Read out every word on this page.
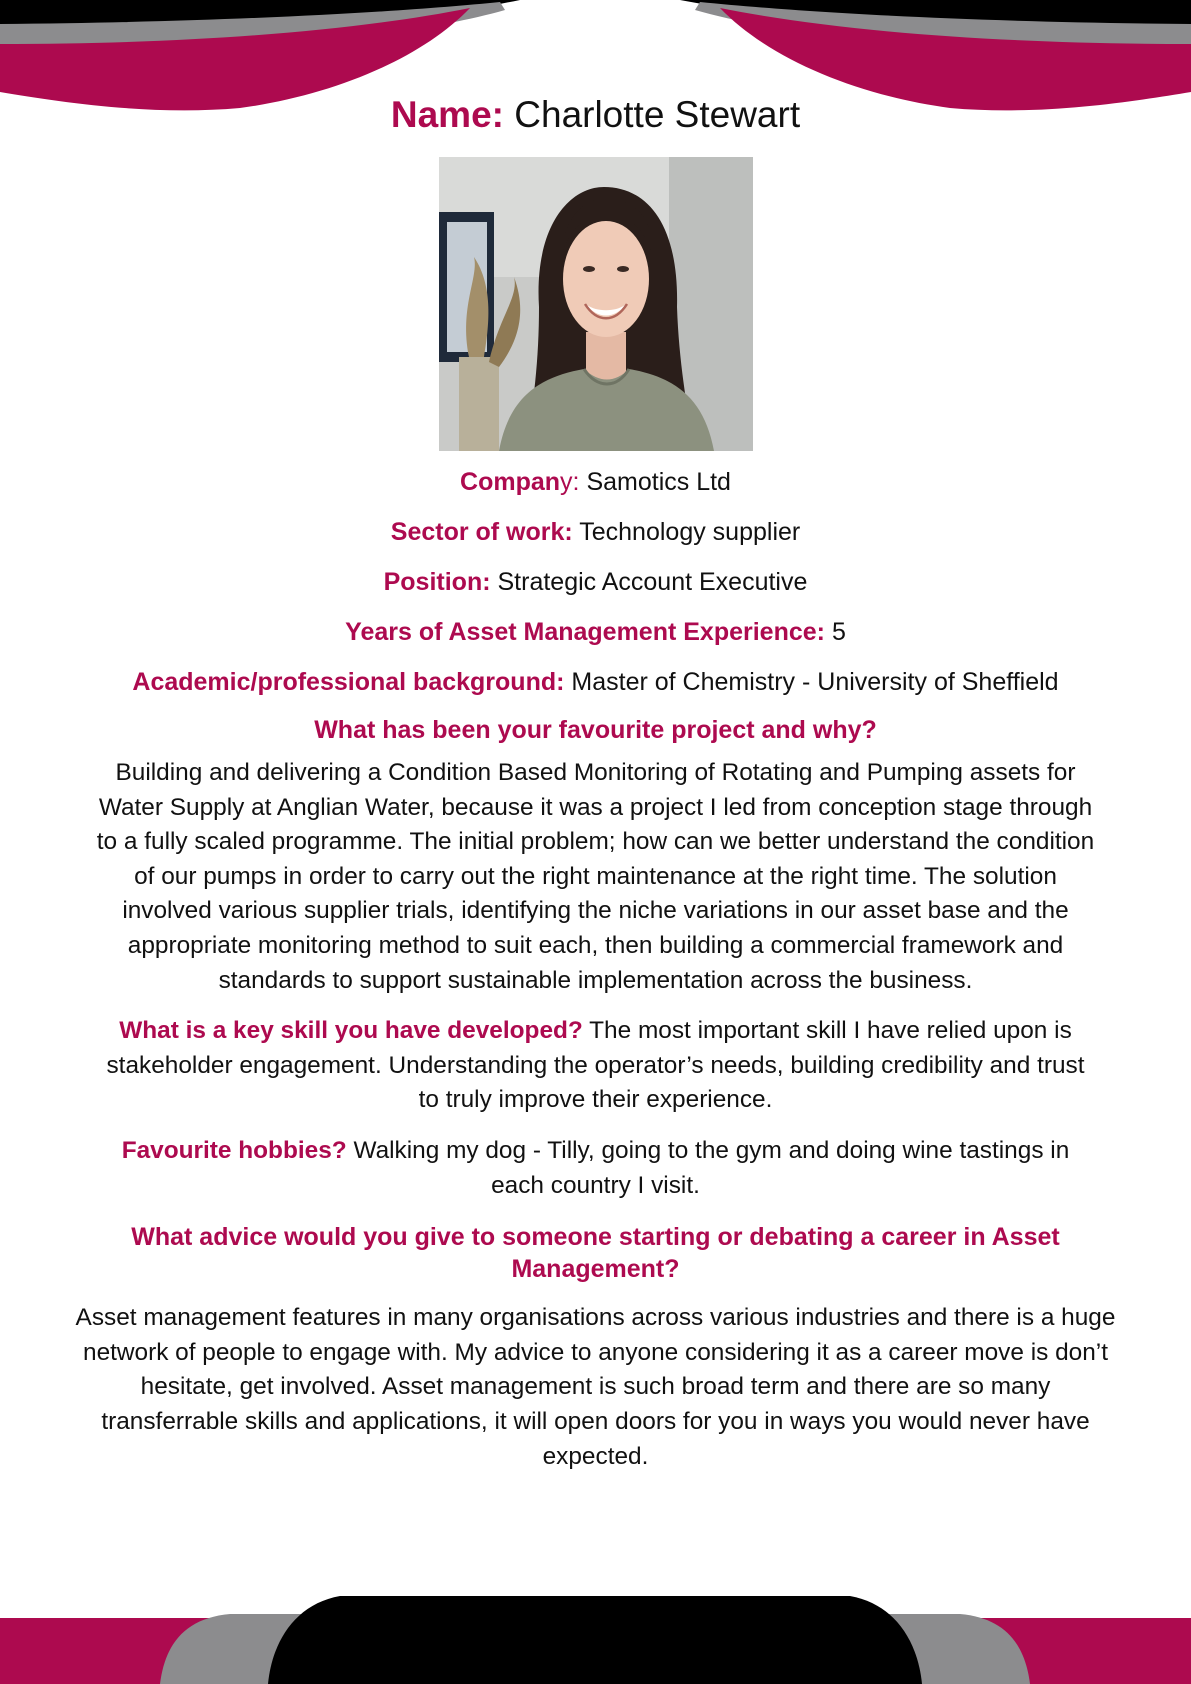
Name: Charlotte Stewart

Company: Samotics Ltd

Sector of work: Technology supplier

Position: Strategic Account Executive

Years of Asset Management Experience: 5

Academic/professional background: Master of Chemistry - University of Sheffield

What has been your favourite project and why?

Building and delivering a Condition Based Monitoring of Rotating and Pumping assets for Water Supply at Anglian Water, because it was a project I led from conception stage through to a fully scaled programme. The initial problem; how can we better understand the condition of our pumps in order to carry out the right maintenance at the right time. The solution involved various supplier trials, identifying the niche variations in our asset base and the appropriate monitoring method to suit each, then building a commercial framework and standards to support sustainable implementation across the business.

What is a key skill you have developed? The most important skill I have relied upon is stakeholder engagement. Understanding the operator’s needs, building credibility and trust to truly improve their experience.

Favourite hobbies? Walking my dog - Tilly, going to the gym and doing wine tastings in each country I visit.

What advice would you give to someone starting or debating a career in Asset Management?

Asset management features in many organisations across various industries and there is a huge network of people to engage with. My advice to anyone considering it as a career move is don’t hesitate, get involved. Asset management is such broad term and there are so many transferrable skills and applications, it will open doors for you in ways you would never have expected.
